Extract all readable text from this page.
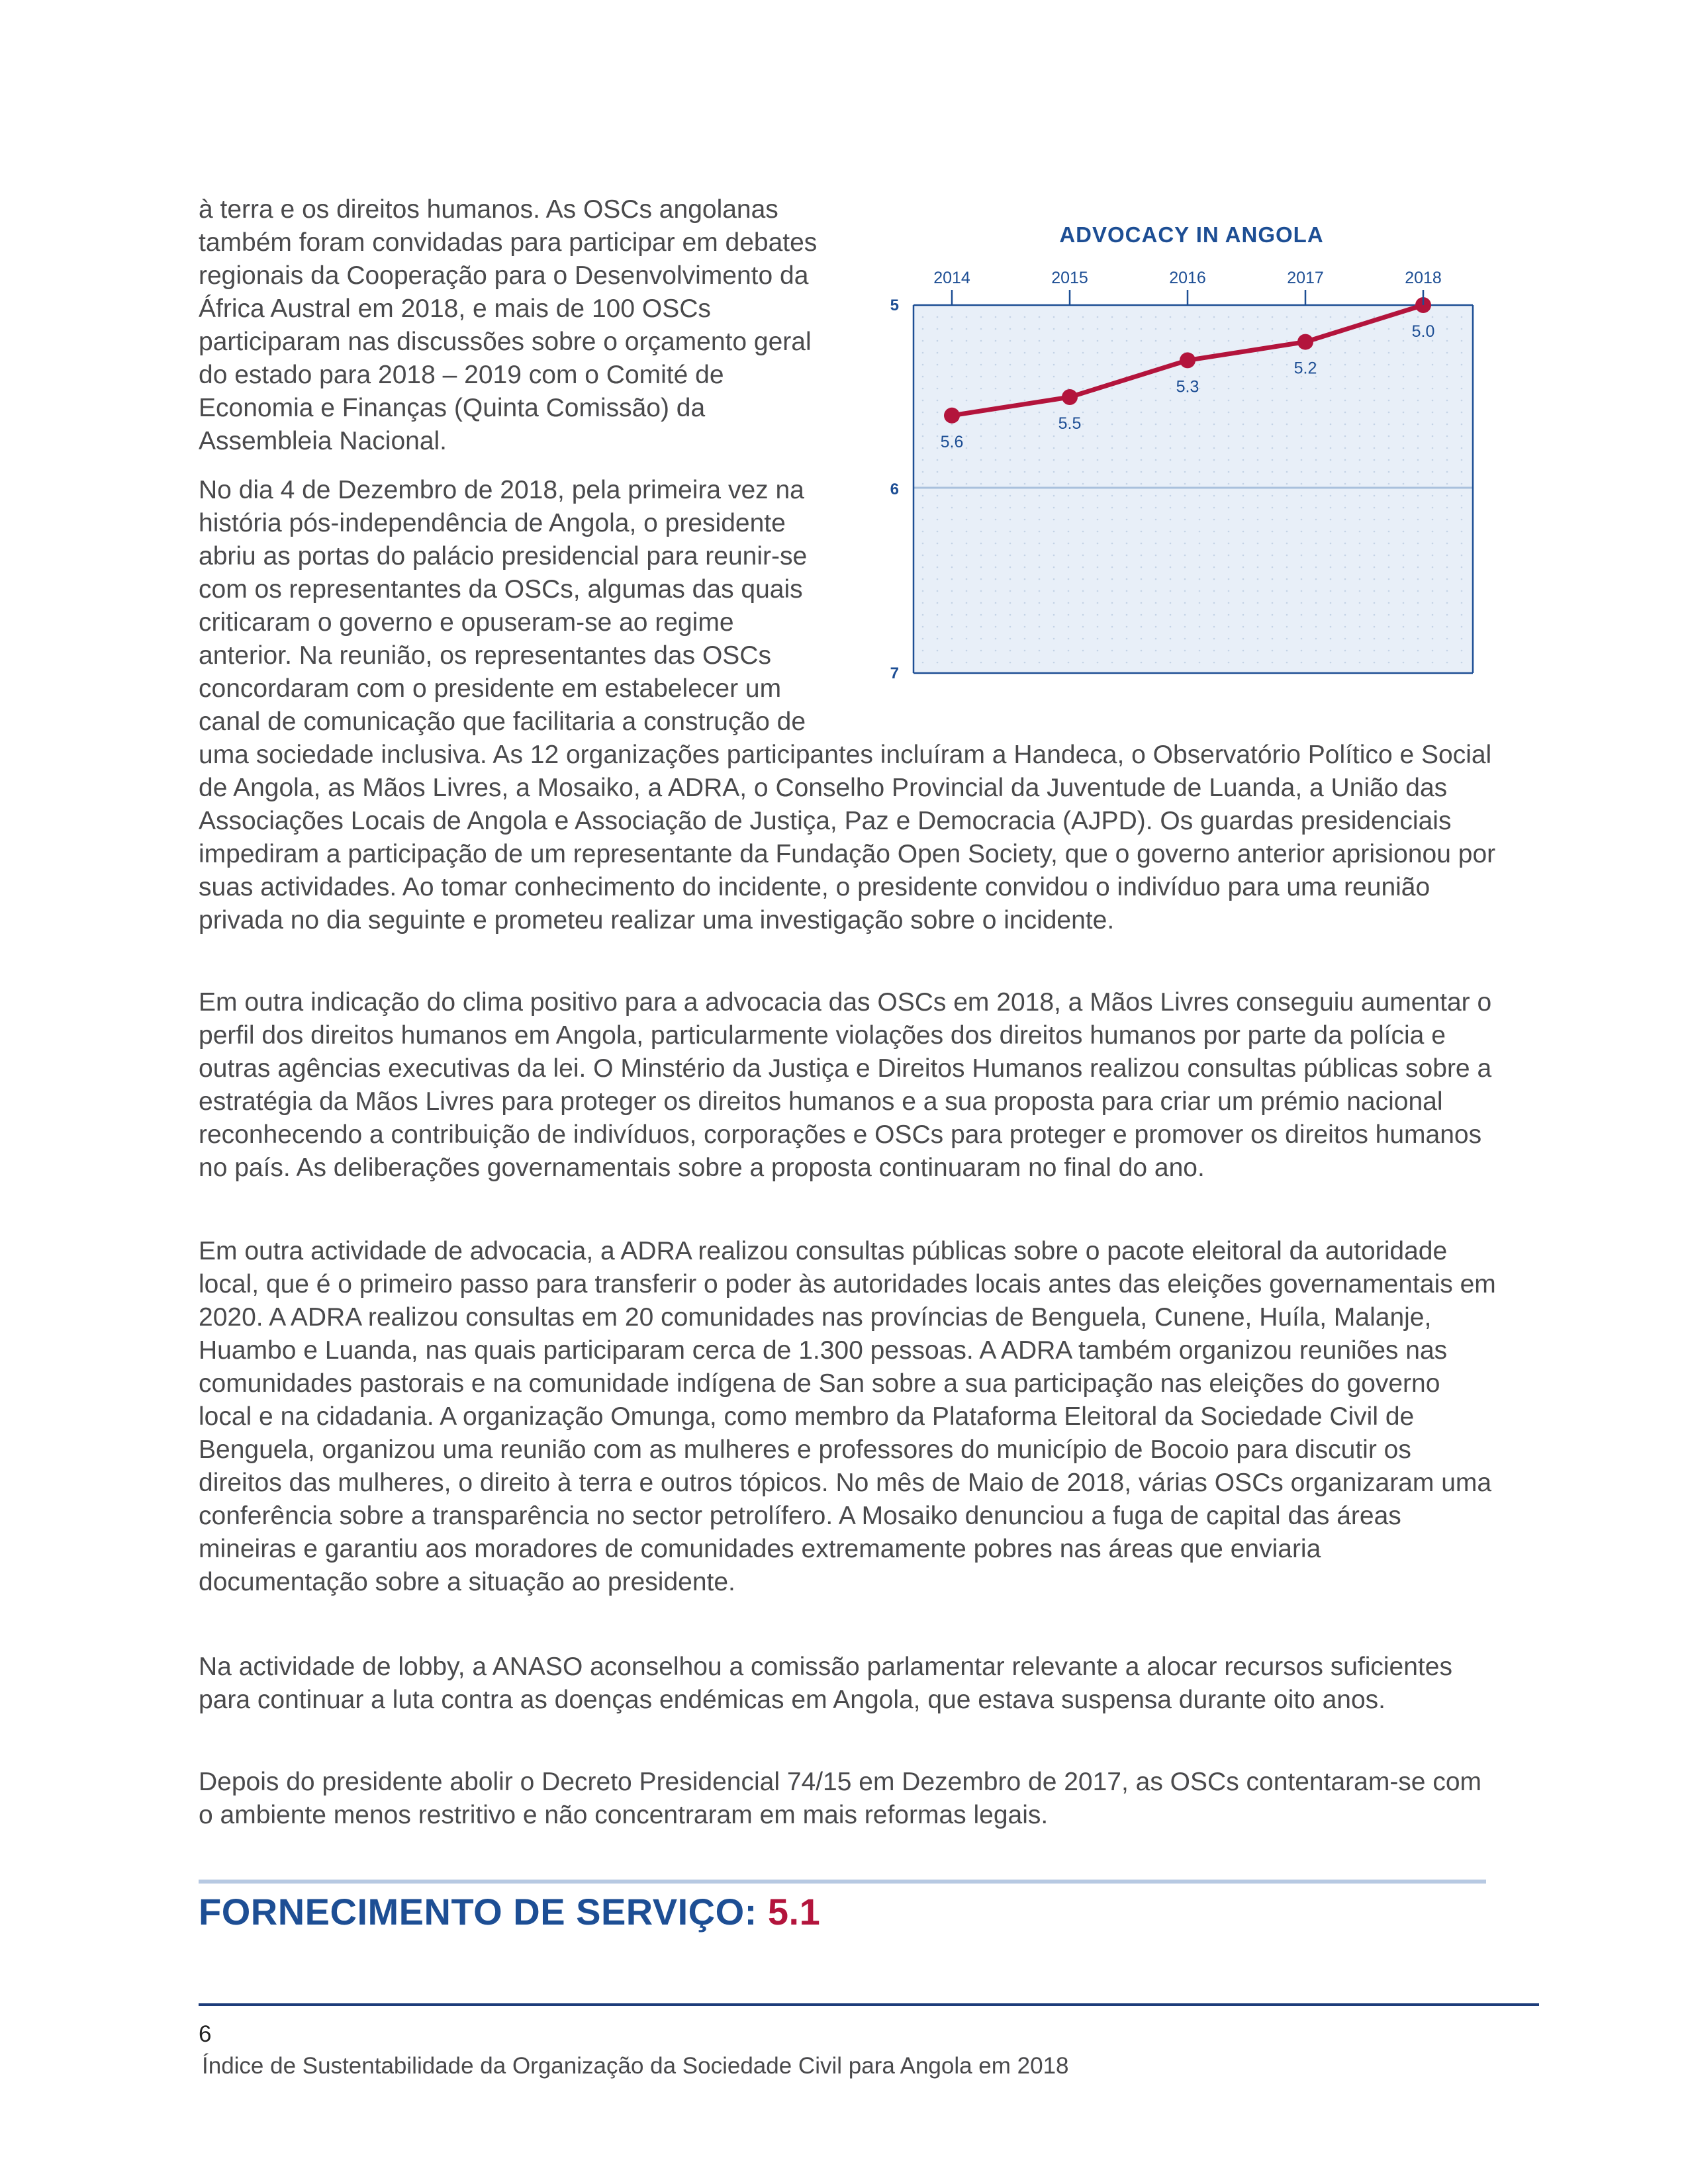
à terra e os direitos humanos. As OSCs angolanas também foram convidadas para participar em debates regionais da Cooperação para o Desenvolvimento da África Austral em 2018, e mais de 100 OSCs participaram nas discussões sobre o orçamento geral do estado para 2018 – 2019 com o Comité de Economia e Finanças (Quinta Comissão) da Assembleia Nacional.

ADVOCACY IN ANGOLA
5.6
5.5
5.3
5.2
5.0
5
6
7
2014	2015	2016	2017	2018
No dia 4 de Dezembro de 2018, pela primeira vez na
história pós-independência de Angola, o presidente
abriu as portas do palácio presidencial para reunir-se
com os representantes da OSCs, algumas das quais
criticaram o governo e opuseram-se ao regime
anterior. Na reunião, os representantes das OSCs
concordaram com o presidente em estabelecer um
canal de comunicação que facilitaria a construção de
uma sociedade inclusiva. As 12 organizações participantes incluíram a Handeca, o Observatório Político e Social de Angola, as Mãos Livres, a Mosaiko, a ADRA, o Conselho Provincial da Juventude de Luanda, a União das Associações Locais de Angola e Associação de Justiça, Paz e Democracia (AJPD). Os guardas presidenciais impediram a participação de um representante da Fundação Open Society, que o governo anterior aprisionou por suas actividades. Ao tomar conhecimento do incidente, o presidente convidou o indivíduo para uma reunião privada no dia seguinte e prometeu realizar uma investigação sobre o incidente.

Em outra indicação do clima positivo para a advocacia das OSCs em 2018, a Mãos Livres conseguiu aumentar o perfil dos direitos humanos em Angola, particularmente violações dos direitos humanos por parte da polícia e outras agências executivas da lei. O Minstério da Justiça e Direitos Humanos realizou consultas públicas sobre a estratégia da Mãos Livres para proteger os direitos humanos e a sua proposta para criar um prémio nacional reconhecendo a contribuição de indivíduos, corporações e OSCs para proteger e promover os direitos humanos no país. As deliberações governamentais sobre a proposta continuaram no final do ano.

Em outra actividade de advocacia, a ADRA realizou consultas públicas sobre o pacote eleitoral da autoridade local, que é o primeiro passo para transferir o poder às autoridades locais antes das eleições governamentais em 2020. A ADRA realizou consultas em 20 comunidades nas províncias de Benguela, Cunene, Huíla, Malanje, Huambo e Luanda, nas quais participaram cerca de 1.300 pessoas. A ADRA também organizou reuniões nas comunidades pastorais e na comunidade indígena de San sobre a sua participação nas eleições do governo local e na cidadania. A organização Omunga, como membro da Plataforma Eleitoral da Sociedade Civil de Benguela, organizou uma reunião com as mulheres e professores do município de Bocoio para discutir os direitos das mulheres, o direito à terra e outros tópicos. No mês de Maio de 2018, várias OSCs organizaram uma conferência sobre a transparência no sector petrolífero. A Mosaiko denunciou a fuga de capital das áreas mineiras e garantiu aos moradores de comunidades extremamente pobres nas áreas que enviaria documentação sobre a situação ao presidente.

Na actividade de lobby, a ANASO aconselhou a comissão parlamentar relevante a alocar recursos suficientes para continuar a luta contra as doenças endémicas em Angola, que estava suspensa durante oito anos.

Depois do presidente abolir o Decreto Presidencial 74/15 em Dezembro de 2017, as OSCs contentaram-se com o ambiente menos restritivo e não concentraram em mais reformas legais.

FORNECIMENTO DE SERVIÇO: 5.1
6
Índice de Sustentabilidade da Organização da Sociedade Civil para Angola em 2018
